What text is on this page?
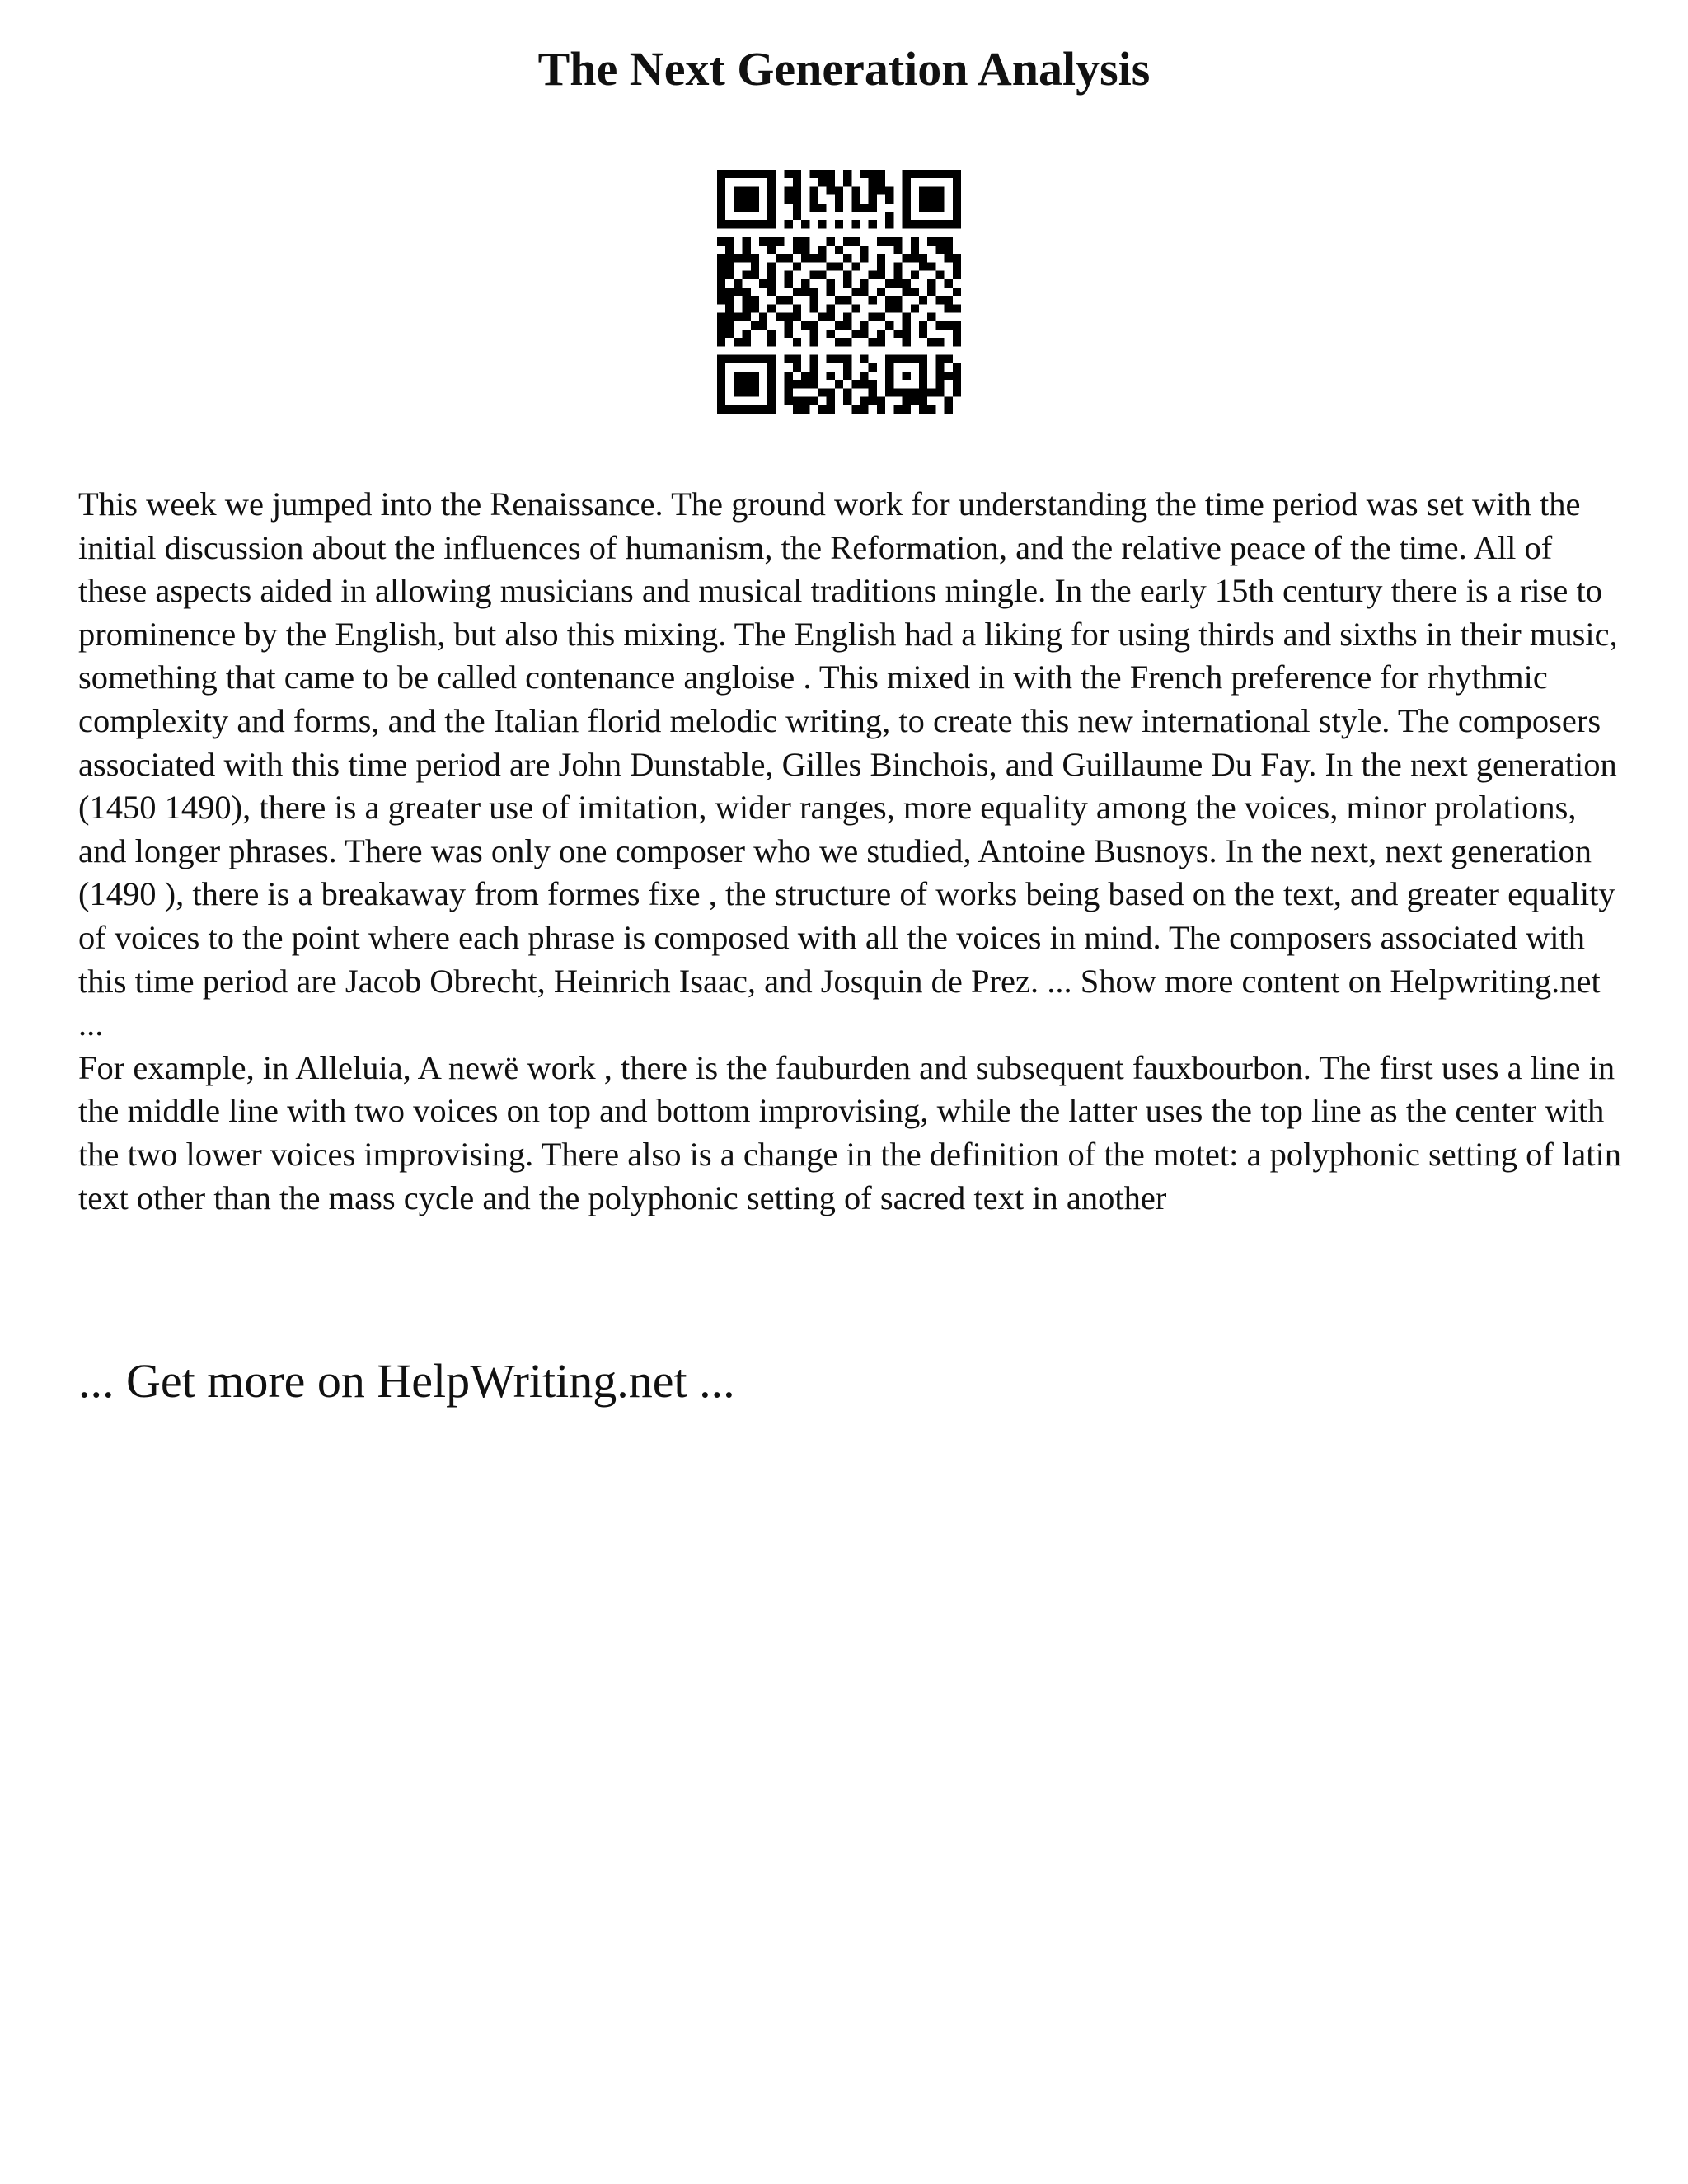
The Next Generation Analysis

This week we jumped into the Renaissance. The ground work for understanding the time period was set with the initial discussion about the influences of humanism, the Reformation, and the relative peace of the time. All of these aspects aided in allowing musicians and musical traditions mingle. In the early 15th century there is a rise to prominence by the English, but also this mixing. The English had a liking for using thirds and sixths in their music, something that came to be called contenance angloise . This mixed in with the French preference for rhythmic complexity and forms, and the Italian florid melodic writing, to create this new international style. The composers associated with this time period are John Dunstable, Gilles Binchois, and Guillaume Du Fay. In the next generation (1450 1490), there is a greater use of imitation, wider ranges, more equality among the voices, minor prolations, and longer phrases. There was only one composer who we studied, Antoine Busnoys. In the next, next generation (1490 ), there is a breakaway from formes fixe , the structure of works being based on the text, and greater equality of voices to the point where each phrase is composed with all the voices in mind. The composers associated with this time period are Jacob Obrecht, Heinrich Isaac, and Josquin de Prez. ... Show more content on Helpwriting.net ...

For example, in Alleluia, A newë work , there is the fauburden and subsequent fauxbourbon. The first uses a line in the middle line with two voices on top and bottom improvising, while the latter uses the top line as the center with the two lower voices improvising. There also is a change in the definition of the motet: a polyphonic setting of latin text other than the mass cycle and the polyphonic setting of sacred text in another

... Get more on HelpWriting.net ...
